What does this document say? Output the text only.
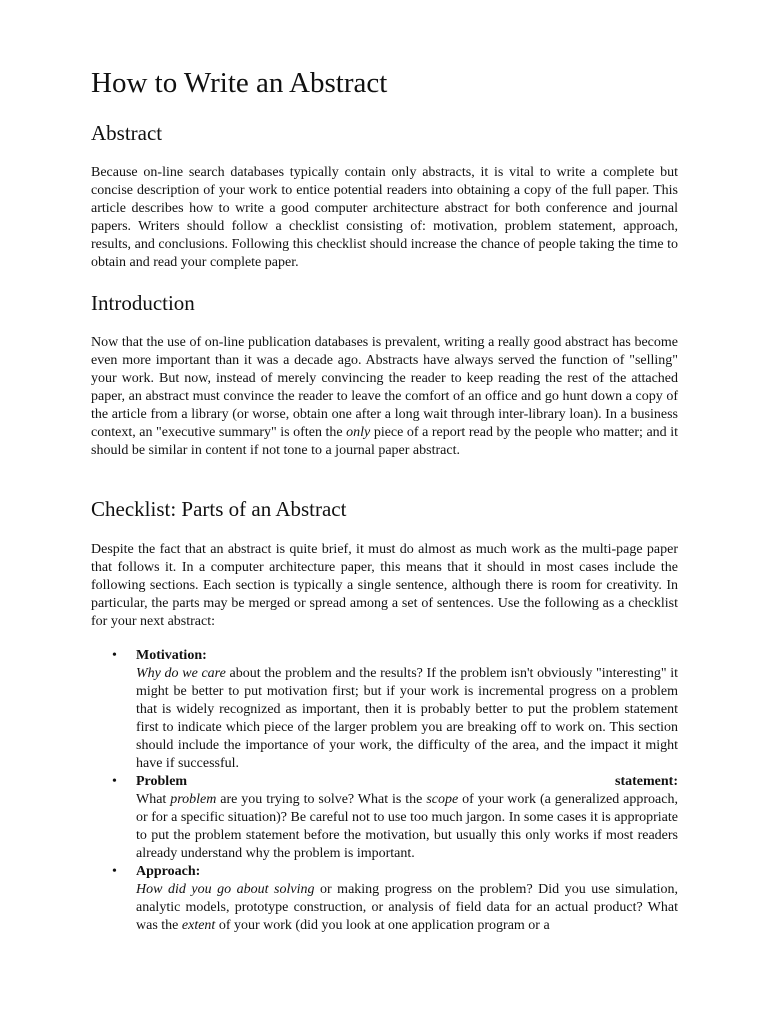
How to Write an Abstract
Abstract

Because on-line search databases typically contain only abstracts, it is vital to write a complete but concise description of your work to entice potential readers into obtaining a copy of the full paper. This article describes how to write a good computer architecture abstract for both conference and journal papers. Writers should follow a checklist consisting of: motivation, problem statement, approach, results, and conclusions. Following this checklist should increase the chance of people taking the time to obtain and read your complete paper.

Introduction

Now that the use of on-line publication databases is prevalent, writing a really good abstract has become even more important than it was a decade ago. Abstracts have always served the function of "selling" your work. But now, instead of merely convincing the reader to keep reading the rest of the attached paper, an abstract must convince the reader to leave the comfort of an office and go hunt down a copy of the article from a library (or worse, obtain one after a long wait through inter-library loan). In a business context, an "executive summary" is often the only piece of a report read by the people who matter; and it should be similar in content if not tone to a journal paper abstract.

Checklist: Parts of an Abstract

Despite the fact that an abstract is quite brief, it must do almost as much work as the multi-page paper that follows it. In a computer architecture paper, this means that it should in most cases include the following sections. Each section is typically a single sentence, although there is room for creativity. In particular, the parts may be merged or spread among a set of sentences. Use the following as a checklist for your next abstract:

• Motivation:

Why do we care about the problem and the results? If the problem isn't obviously "interesting" it might be better to put motivation first; but if your work is incremental progress on a problem that is widely recognized as important, then it is probably better to put the problem statement first to indicate which piece of the larger problem you are breaking off to work on. This section should include the importance of your work, the difficulty of the area, and the impact it might have if successful.

• Problem	statement:

What problem are you trying to solve? What is the scope of your work (a generalized approach, or for a specific situation)? Be careful not to use too much jargon. In some cases it is appropriate to put the problem statement before the motivation, but usually this only works if most readers already understand why the problem is important.

• Approach:

How did you go about solving or making progress on the problem? Did you use simulation, analytic models, prototype construction, or analysis of field data for an actual product? What was the extent of your work (did you look at one application program or a
